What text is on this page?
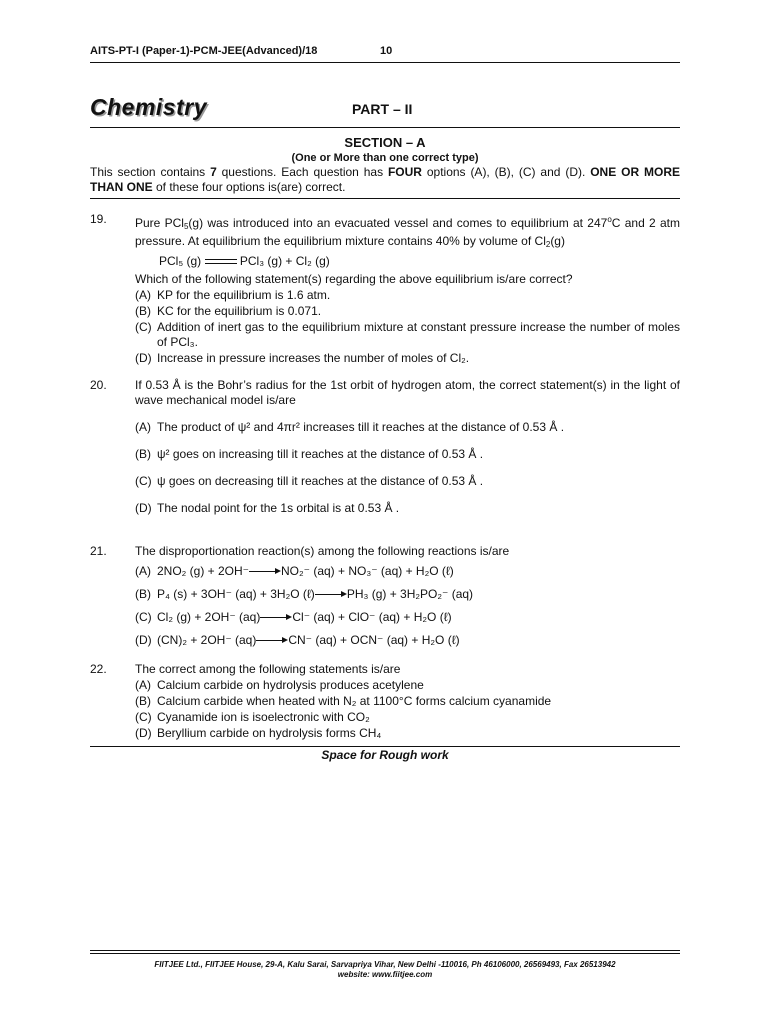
AITS-PT-I (Paper-1)-PCM-JEE(Advanced)/18	10
Chemistry	PART – II
SECTION – A
(One or More than one correct type)
This section contains 7 questions. Each question has FOUR options (A), (B), (C) and (D). ONE OR MORE THAN ONE of these four options is(are) correct.
19. Pure PCl$_5$(g) was introduced into an evacuated vessel and comes to equilibrium at 247$^o$C and 2 atm pressure. At equilibrium the equilibrium mixture contains 40% by volume of $Cl_2(g)$
PCl₅ (g)	PCl₃ (g) + Cl₂ (g)
Which of the following statement(s) regarding the above equilibrium is/are correct?
(A) KP for the equilibrium is 1.6 atm.
(B) KC for the equilibrium is 0.071.
(C) Addition of inert gas to the equilibrium mixture at constant pressure increase the number of moles of PCl₃.
(D) Increase in pressure increases the number of moles of Cl₂.
20. If 0.53 Å is the Bohr’s radius for the 1st orbit of hydrogen atom, the correct statement(s) in the light of wave mechanical model is/are
(A) The product of ψ² and 4πr² increases till it reaches at the distance of 0.53 Å .
(B) ψ² goes on increasing till it reaches at the distance of 0.53 Å .
(C) ψ goes on decreasing till it reaches at the distance of 0.53 Å .
(D) The nodal point for the 1s orbital is at 0.53 Å .
21. The disproportionation reaction(s) among the following reactions is/are
(A) 2NO₂ (g) + 2OH⁻	NO₂⁻ (aq) + NO₃⁻ (aq) + H₂O (ℓ)
(B) P₄ (s) + 3OH⁻ (aq) + 3H₂O (ℓ)	PH₃ (g) + 3H₂PO₂⁻ (aq)
(C) Cl₂ (g) + 2OH⁻ (aq)	Cl⁻ (aq) + ClO⁻ (aq) + H₂O (ℓ)
(D) (CN)₂ + 2OH⁻ (aq)	CN⁻ (aq) + OCN⁻ (aq) + H₂O (ℓ)
22. The correct among the following statements is/are
(A) Calcium carbide on hydrolysis produces acetylene
(B) Calcium carbide when heated with N₂ at 1100°C forms calcium cyanamide
(C) Cyanamide ion is isoelectronic with CO₂
(D) Beryllium carbide on hydrolysis forms CH₄
Space for Rough work
FIITJEE Ltd., FIITJEE House, 29-A, Kalu Sarai, Sarvapriya Vihar, New Delhi -110016, Ph 46106000, 26569493, Fax 26513942
website: www.fiitjee.com
